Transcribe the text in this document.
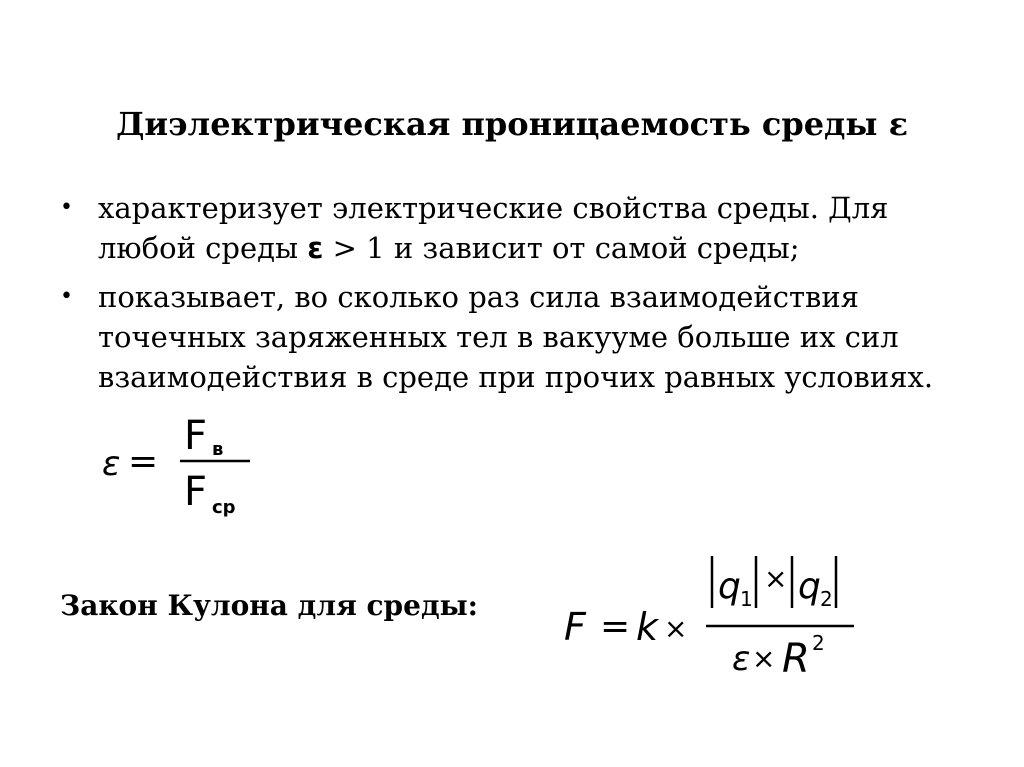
Диэлектрическая проницаемость среды ε
• характеризует электрические свойства среды. Для любой среды ε > 1 и зависит от самой среды;
• показывает, во сколько раз сила взаимодействия точечных заряженных тел в вакууме больше их сил взаимодействия в среде при прочих равных условиях.
ε =
F в
F ср
Закон Кулона для среды: F = k ×
q 1
× q 2
ε × R 2
